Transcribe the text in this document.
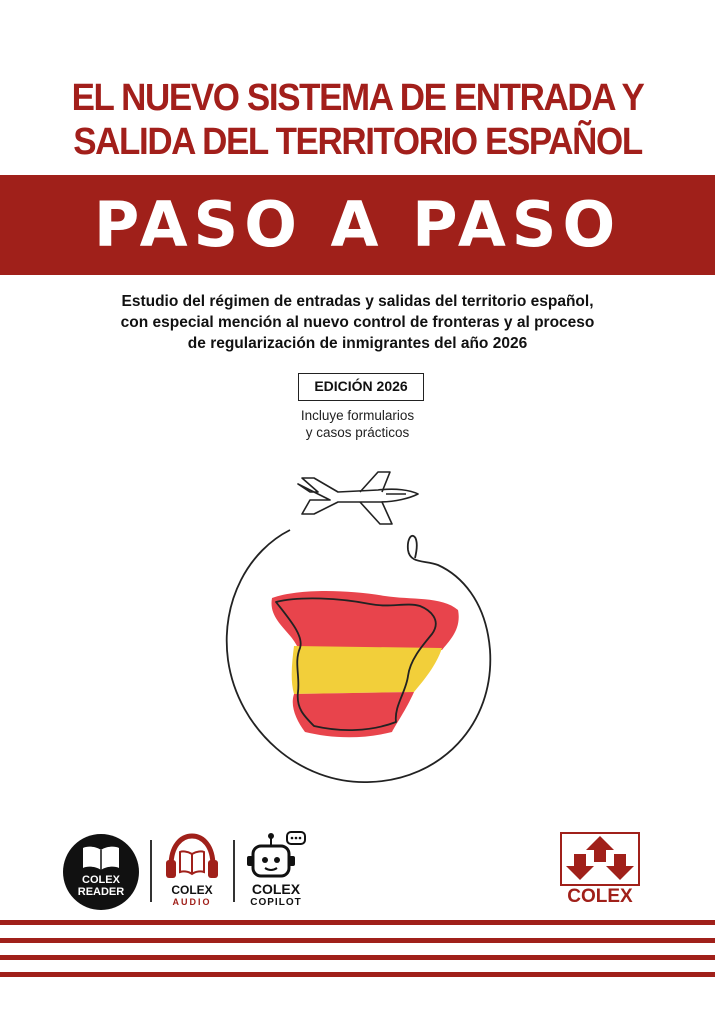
EL NUEVO SISTEMA DE ENTRADA Y
SALIDA DEL TERRITORIO ESPAÑOL
PASO A PASO
Estudio del régimen de entradas y salidas del territorio español,
con especial mención al nuevo control de fronteras y al proceso
de regularización de inmigrantes del año 2026
EDICIÓN 2026
Incluye formularios
y casos prácticos
COLEX
READER	COLEX
AUDIO
COLEX
COPILOT	COLEX
